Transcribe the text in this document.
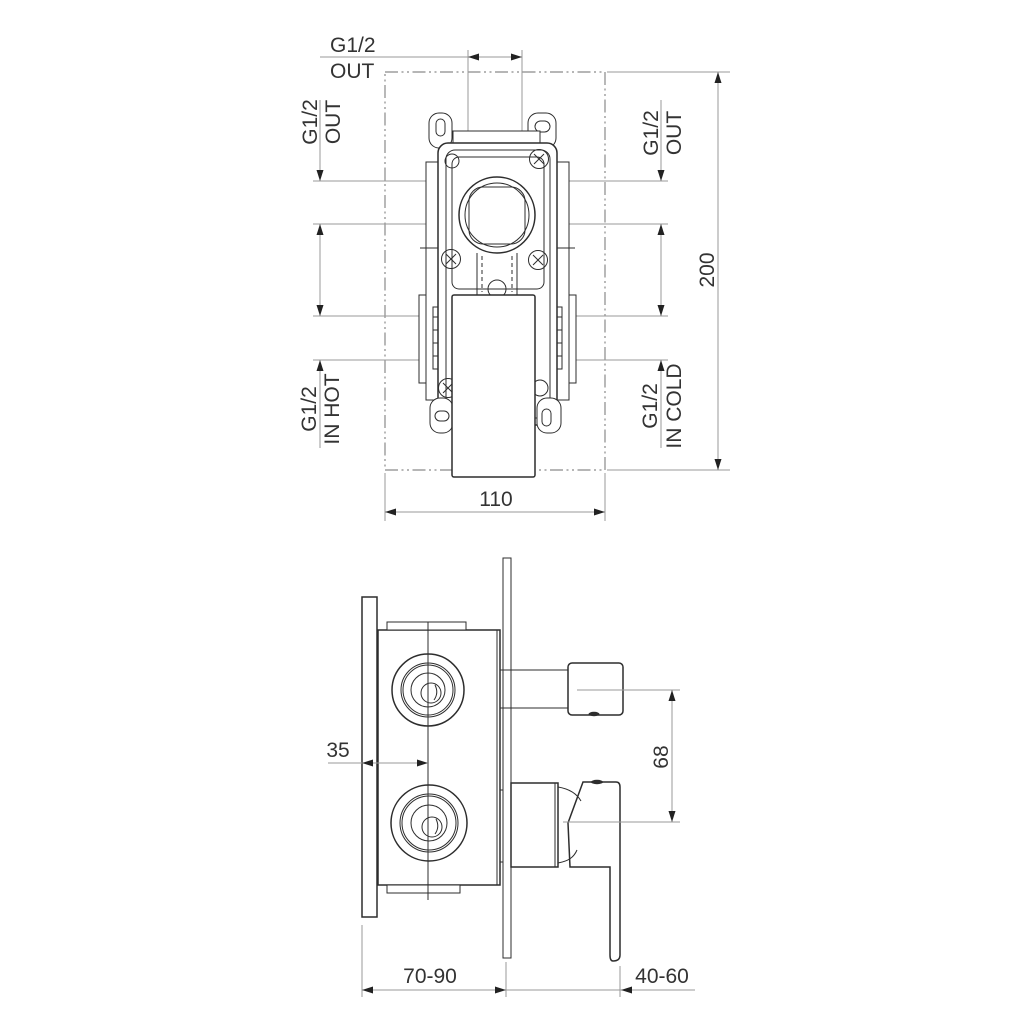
G1/2
OUT
G1/2 OUT
G1/2 IN HOT
G1/2 OUT
G1/2 IN COLD
200
110
35	68
70-90	40-60
